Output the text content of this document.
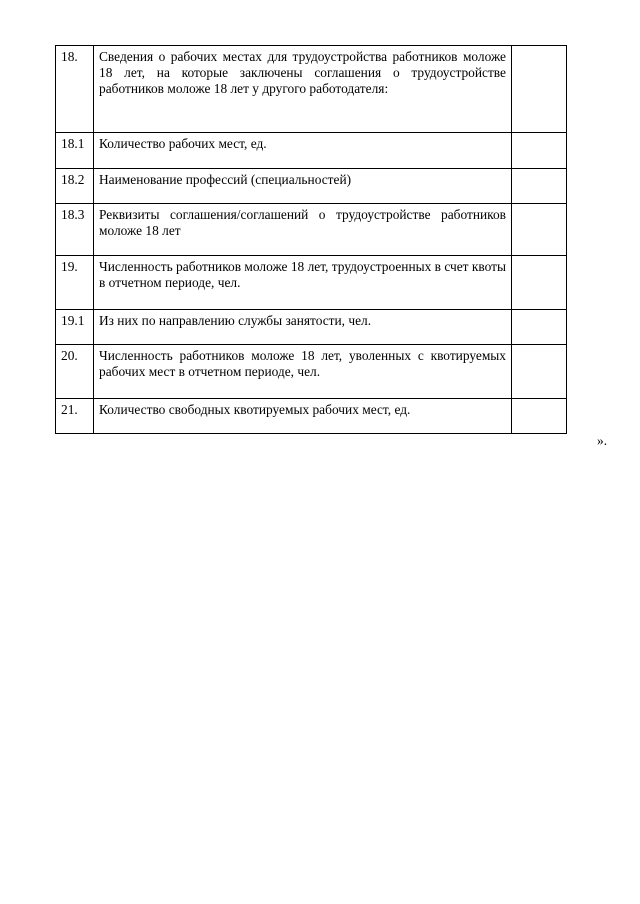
18.	Сведения о рабочих местах для трудоустройства работников моложе 18 лет, на которые заключены соглашения о трудоустройстве работников моложе 18 лет у другого работодателя:	
18.1	Количество рабочих мест, ед.	
18.2	Наименование профессий (специальностей)	
18.3	Реквизиты соглашения/соглашений о трудоустройстве работников моложе 18 лет	
19.	Численность работников моложе 18 лет, трудоустроенных в счет квоты в отчетном периоде, чел.	
19.1	Из них по направлению службы занятости, чел.	
20.	Численность работников моложе 18 лет, уволенных с квотируемых рабочих мест в отчетном периоде, чел.	
21.	Количество свободных квотируемых рабочих мест, ед.	
».
